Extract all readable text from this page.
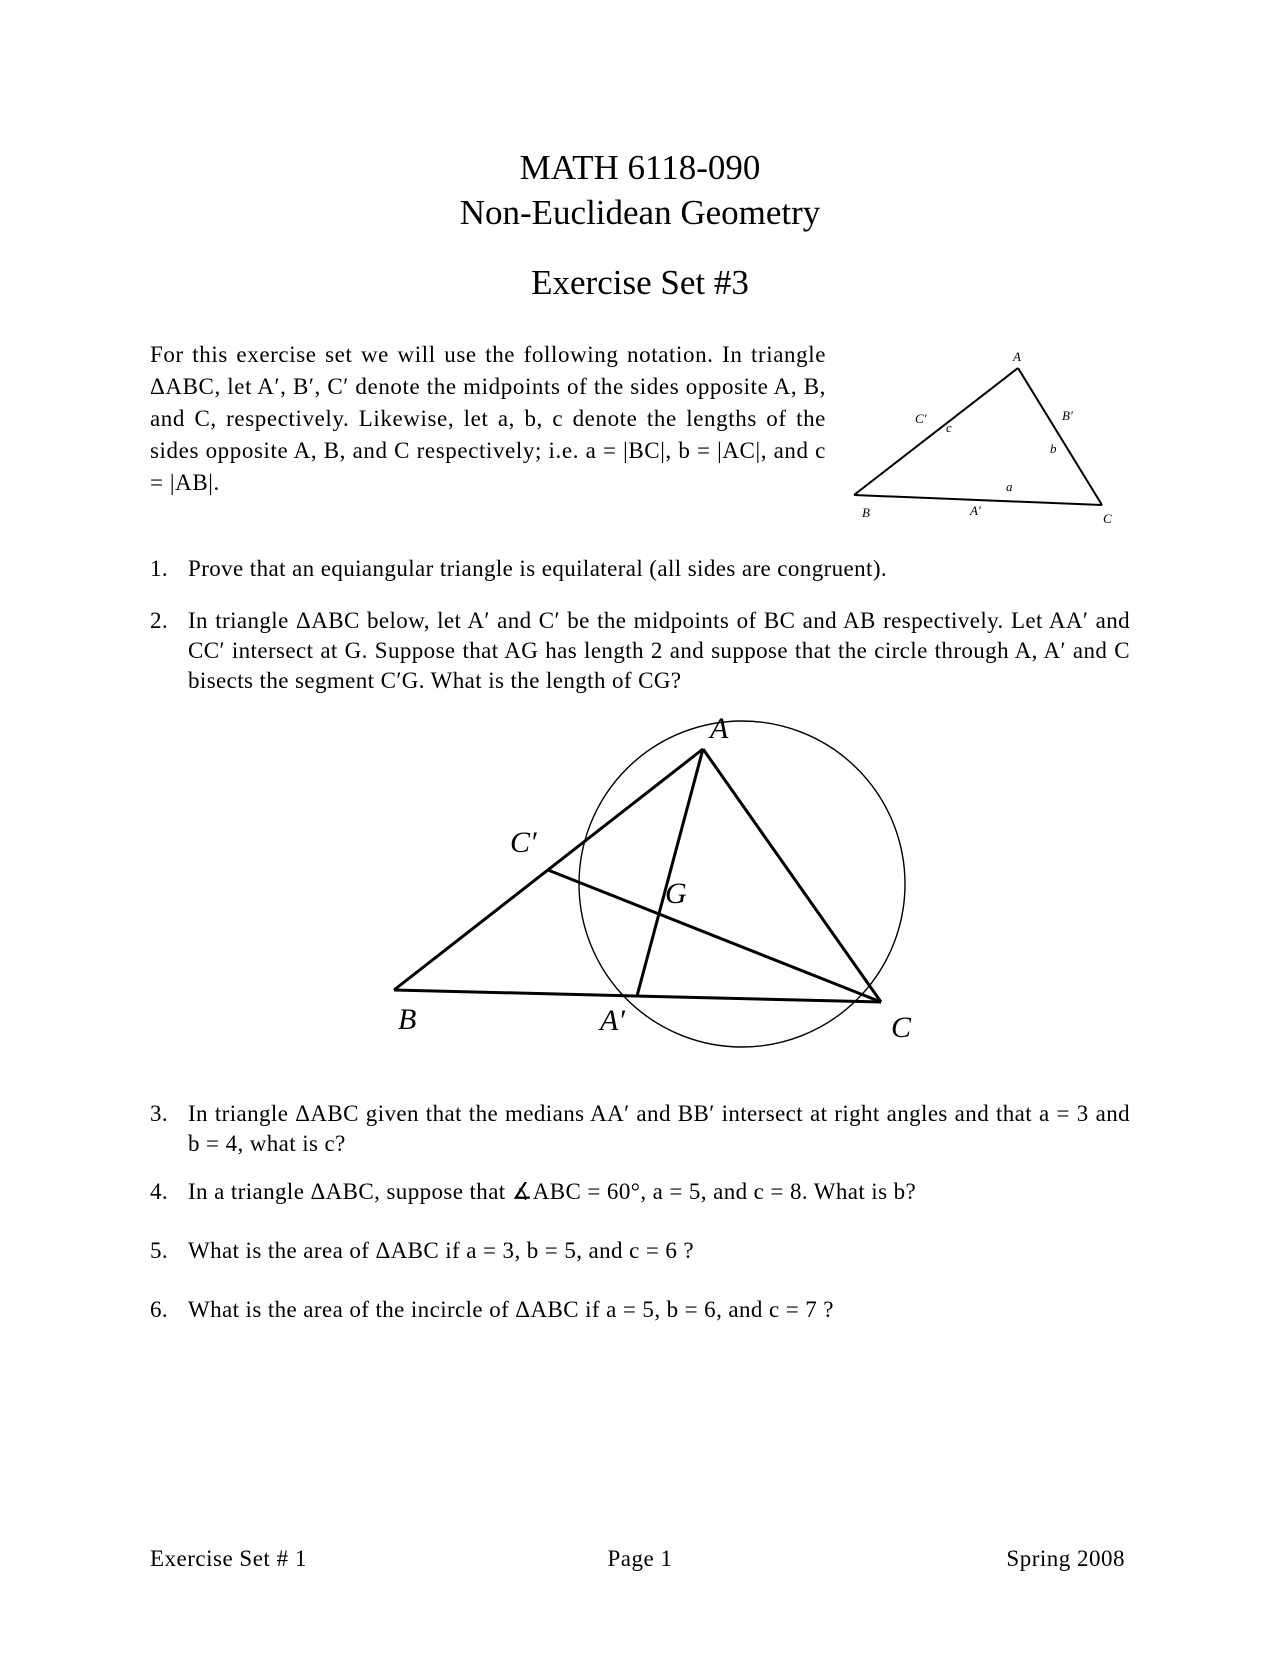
MATH 6118-090
Non-Euclidean Geometry
Exercise Set #3
For this exercise set we will use the following notation. In triangle ΔABC, let A′, B′, C′ denote the midpoints of the sides opposite A, B, and C, respectively. Likewise, let a, b, c denote the lengths of the sides opposite A, B, and C respectively; i.e. a = |BC|, b = |AC|, and c = |AB|.
A
B	C
A′
B′
C′
a
b
c
1. Prove that an equiangular triangle is equilateral (all sides are congruent).
2. In triangle ΔABC below, let A′ and C′ be the midpoints of BC and AB respectively. Let AA′ and CC′ intersect at G. Suppose that AG has length 2 and suppose that the circle through A, A′ and C bisects the segment C′G. What is the length of CG?
A
B	C
A′
C′
G
3. In triangle ΔABC given that the medians AA′ and BB′ intersect at right angles and that a = 3 and b = 4, what is c?
4. In a triangle ΔABC, suppose that ∡ABC = 60°, a = 5, and c = 8. What is b?
5. What is the area of ΔABC if a = 3, b = 5, and c = 6 ?
6. What is the area of the incircle of ΔABC if a = 5, b = 6, and c = 7 ?
Exercise Set # 1	Page 1	Spring 2008
